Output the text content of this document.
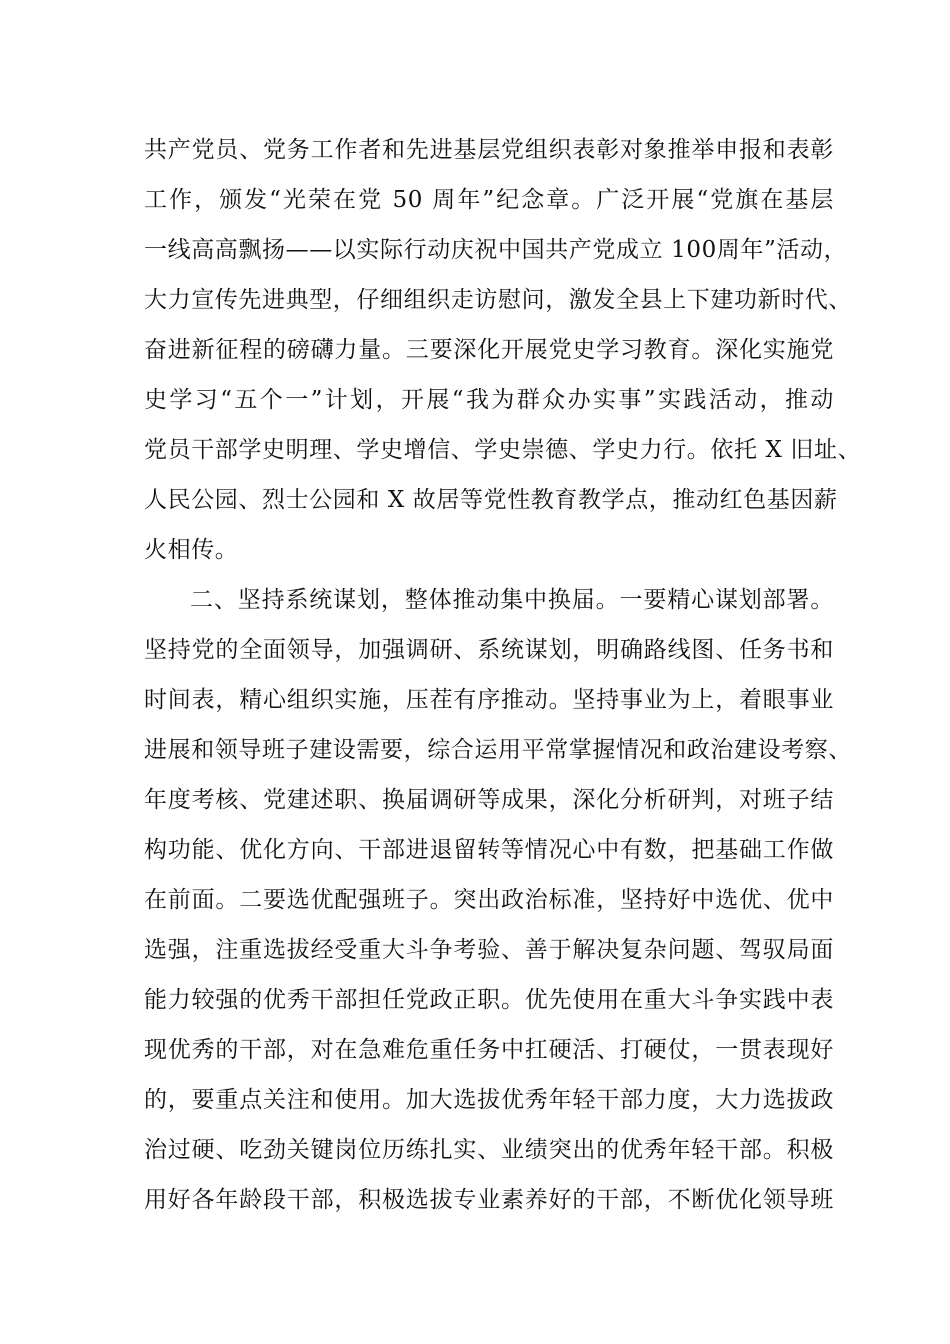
共产党员、党务工作者和先进基层党组织表彰对象推举申报和表彰
工作，颁发“光荣在党 50 周年”纪念章。广泛开展“党旗在基层
一线高高飘扬——以实际行动庆祝中国共产党成立 100周年”活动，
大力宣传先进典型，仔细组织走访慰问，激发全县上下建功新时代、
奋进新征程的磅礴力量。三要深化开展党史学习教育。深化实施党
史学习“五个一”计划，开展“我为群众办实事”实践活动，推动
党员干部学史明理、学史增信、学史崇德、学史力行。依托 X 旧址、
人民公园、烈士公园和 X 故居等党性教育教学点，推动红色基因薪
火相传。
二、坚持系统谋划，整体推动集中换届。一要精心谋划部署。
坚持党的全面领导，加强调研、系统谋划，明确路线图、任务书和
时间表，精心组织实施，压茬有序推动。坚持事业为上，着眼事业
进展和领导班子建设需要，综合运用平常掌握情况和政治建设考察、
年度考核、党建述职、换届调研等成果，深化分析研判，对班子结
构功能、优化方向、干部进退留转等情况心中有数，把基础工作做
在前面。二要选优配强班子。突出政治标准，坚持好中选优、优中
选强，注重选拔经受重大斗争考验、善于解决复杂问题、驾驭局面
能力较强的优秀干部担任党政正职。优先使用在重大斗争实践中表
现优秀的干部，对在急难危重任务中扛硬活、打硬仗，一贯表现好
的，要重点关注和使用。加大选拔优秀年轻干部力度，大力选拔政
治过硬、吃劲关键岗位历练扎实、业绩突出的优秀年轻干部。积极
用好各年龄段干部，积极选拔专业素养好的干部，不断优化领导班
